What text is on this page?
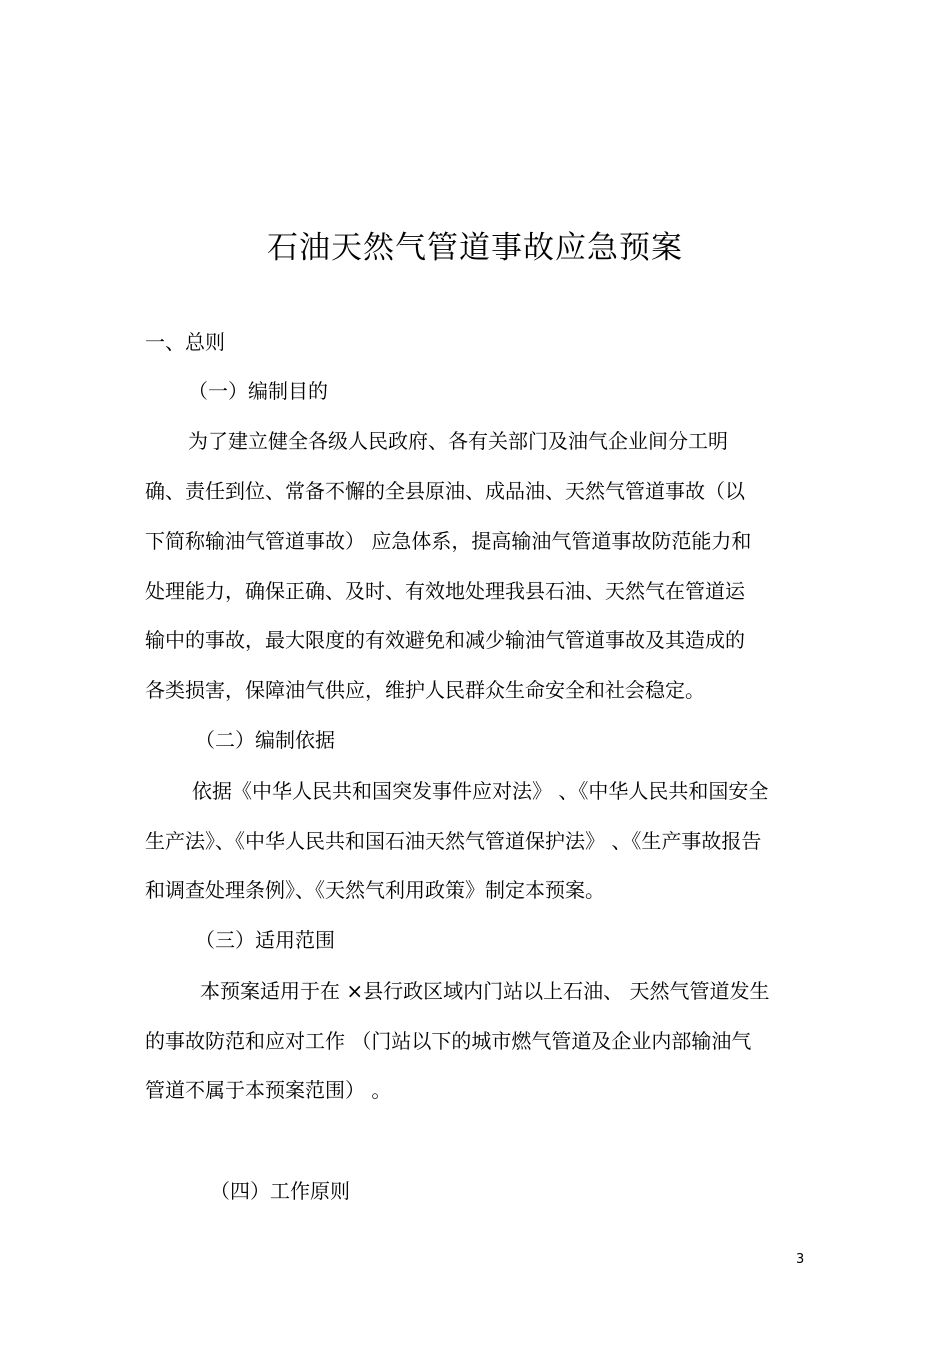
石油天然气管道事故应急预案
一、总则
（一）编制目的
为了建立健全各级人民政府、各有关部门及油气企业间分工明
确、责任到位、常备不懈的全县原油、成品油、天然气管道事故（以
下简称输油气管道事故） 应急体系，提高输油气管道事故防范能力和
处理能力，确保正确、及时、有效地处理我县石油、天然气在管道运
输中的事故，最大限度的有效避免和减少输油气管道事故及其造成的
各类损害，保障油气供应，维护人民群众生命安全和社会稳定。
（二）编制依据
依据《中华人民共和国突发事件应对法》 、《中华人民共和国安全
生产法》、《中华人民共和国石油天然气管道保护法》 、《生产事故报告
和调查处理条例》、《天然气利用政策》制定本预案。
（三）适用范围
本预案适用于在 ×县行政区域内门站以上石油、 天然气管道发生
的事故防范和应对工作 （门站以下的城市燃气管道及企业内部输油气
管道不属于本预案范围） 。
（四）工作原则
3
